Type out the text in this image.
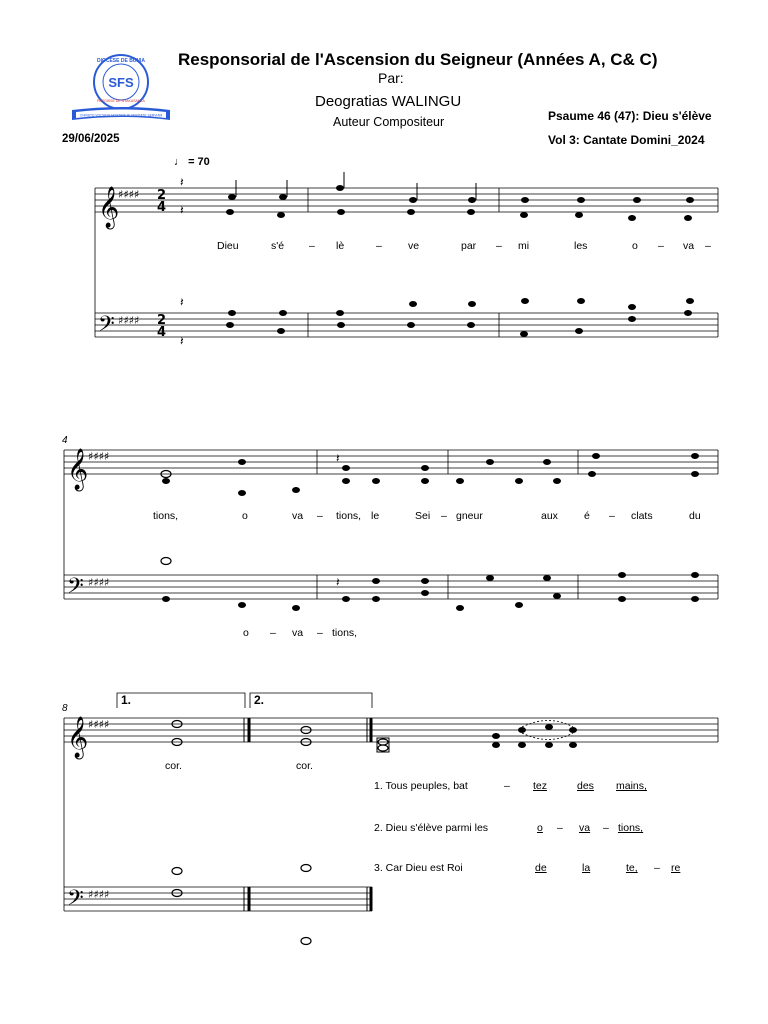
DIOCESE DE BUNIA
SFS
PAROISSE DE NYAKASANZA
CHRISTO VOCIBUS NOSTRIS IN VERITATE SERVIAM
Responsorial de l'Ascension du Seigneur (Années A, C& C)
Par:
Deogratias WALINGU
Auteur Compositeur	Psaume 46 (47): Dieu s'élève
Vol 3: Cantate Domini_2024
29/06/2025
♩ = 70
𝄞
𝄞
𝄢
♯♯♯♯
♯♯♯♯
2
4
2
4
𝄽
𝄽
𝄽
𝄽
𝄞
𝄢
♯♯♯♯
♯♯♯♯
𝄽
𝄽
𝄞
𝄢
♯♯♯♯
♯♯♯♯
4
8
1.	2.
Dieu	s'é – lè	– ve	par – mi	les	o – va –
tions,	o	va – tions, le	Sei – gneur	aux é – clats	du
o – va – tions,
cor.	cor.
1. Tous peuples, bat	– tez	des mains,
2. Dieu s'élève parmi les	o – va – tions,
3. Car Dieu est Roi	de	la	te, – re
